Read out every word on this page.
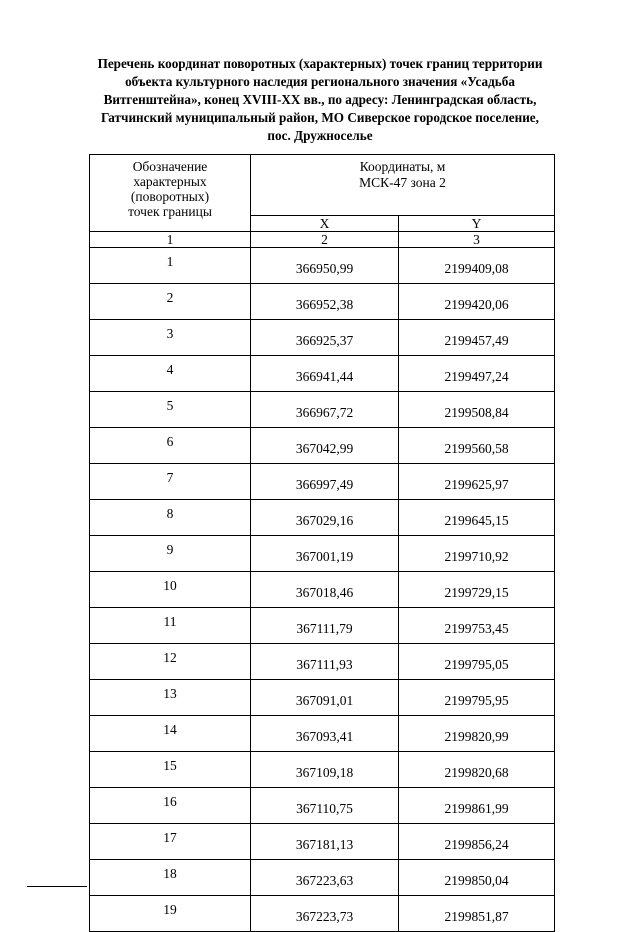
Перечень координат поворотных (характерных) точек границ территории
объекта культурного наследия регионального значения «Усадьба
Витгенштейна», конец XVIII-XX вв., по адресу: Ленинградская область,
Гатчинский муниципальный район, МО Сиверское городское поселение,
пос. Дружноселье
Обозначение
характерных
(поворотных)
точек границы	Координаты, м
МСК-47 зона 2	

	X	Y
1	2	3
1	366950,99	2199409,08
2	366952,38	2199420,06
3	366925,37	2199457,49
4	366941,44	2199497,24
5	366967,72	2199508,84
6	367042,99	2199560,58
7	366997,49	2199625,97
8	367029,16	2199645,15
9	367001,19	2199710,92
10	367018,46	2199729,15
11	367111,79	2199753,45
12	367111,93	2199795,05
13	367091,01	2199795,95
14	367093,41	2199820,99
15	367109,18	2199820,68
16	367110,75	2199861,99
17	367181,13	2199856,24
18	367223,63	2199850,04
19	367223,73	2199851,87
